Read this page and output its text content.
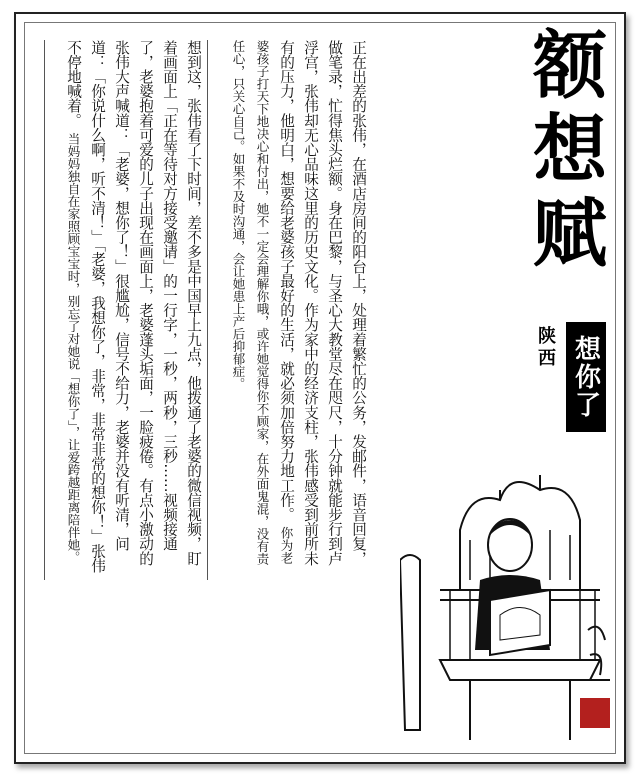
额
想
赋
想你了
陕西
正在出差的张伟，在酒店房间的阳台上，处理着繁忙的公务，发邮件，语音回复，做笔录，忙得焦头烂额。身在巴黎，与圣心大教堂尽在咫尺，十分钟就能步行到卢浮宫，张伟却无心品味这里的历史文化。作为家中的经济支柱，张伟感受到前所未有的压力，他明白，想要给老婆孩子最好的生活，就必须加倍努力地工作。 你为老婆孩子打天下地决心和付出，她不一定会理解你哦，或许她觉得你不顾家，在外面鬼混，没有责任心，只关心自己。如果不及时沟通，会让她患上产后抑郁症。
想到这，张伟看了下时间，差不多是中国早上九点，他拨通了老婆的微信视频，盯着画面上「正在等待对方接受邀请」的一行字，一秒，两秒，三秒……视频接通了，老婆抱着可爱的儿子出现在画面上，老婆蓬头垢面，一脸疲倦。有点小激动的张伟大声喊道：「老婆，想你了！」很尴尬，信号不给力，老婆并没有听清，问道：「你说什么啊，听不清！」「老婆，我想你了，非常，非常非常的想你！」张伟不停地喊着。 当妈妈独自在家照顾宝宝时，别忘了对她说「想你了」，让爱跨越距离陪伴她。
